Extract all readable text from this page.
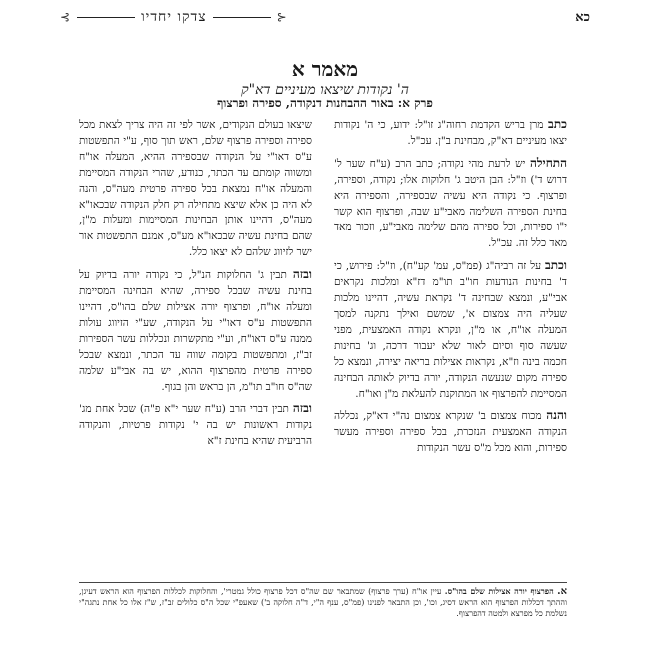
כא
⊰
צדקו יחדיו
⊱
מאמר א
ה' נקודות שיצאו מעיניים דא"ק
פרק א: באור ההבחנות דנקודה, ספירה ופרצוף

כתב מרן בריש הקדמת רחוה"ג זו"ל: ידוע, כי ה' נקודות יצאו מעיניים דא"ק, מבחינת ב"ן. עכ"ל.

התחילה יש לרעת מהי נקודה; כתב הרב (ע"ח שער ל' דרוש ד') וז"ל: הבן היטב ג' חלוקות אלו; נקודה, וספירה, ופרצוף. כי נקודה היא עשיה שבספירה, והספירה היא בחינת הספירה השלימה מאבי"ע שבה, ופרצוף הוא קשר י"ו ספירות, וכל ספירה מהם שלימה מאבי"ע, וזכור מאד מאד כלל זה. עכ"ל.

וכתב על זה רביה"ג (פמ"ס, עמ' קע"ח), וז"ל: פירוש, כי ד' בחינות הנודעות חו"ב תו"מ דז"א ומלכות נקראים אבי"ע, ונמצא שבחינה ד' נקראת עשיה, דהיינו מלכות שעליה היה צמצום א', שמשם ואילך נתקנה למסך המעלה או"ח, או מ"ן, ונקרא נקודה האמצעית, מפני שעשה סוף וסיום לאור שלא יעבור דרכה, וג' בחינות חכמה בינה וז"א, נקראות אצילות בריאה יצירה, ונמצא כל ספירה מקום שנעשה הנקודה, יורה בדיוק לאותה הבחינה המסיימת להפרצוף או המתוקנת להעלאת מ"ן ואו"ח.

והנה מכוח צמצום ב' שנקרא צמצום נה"י דא"ק, נכללה הנקודה האמצעית הנזכרת, בכל ספירה וספירה מעשר ספירות, והוא מכל מ"ס עשר הנקודות

שיצאו בעולם הנקודים, אשר לפי זה היה צריך לצאת מכל ספירה וספירה פרצוף שלם, ראש תוך סוף, ע"י התפשטות ע"ס דאו"י על הנקודה שבספירה ההיא, המעלה או"ח ומשווה קומתם עד הכתר, כנודע, שהרי הנקודה המסיימת והמעלה או"ח נמצאת בכל ספירה פרטית מעה"ס, והנה לא היה כן אלא שיצא מתחילה רק חלק הנקודה שבכאו"א מעה"ס, דהיינו אותן הבחינות המסיימות ומעלות מ"ן, שהם בחינת עשיה שבכאו"א מע"ס, אמנם התפשטות אור ישר לזיווג שלהם לא יצאו כלל.

ובזה תבין ג' החלוקות הנ"ל, כי נקודה יורה בדיוק על בחינת עשיה שבכל ספירה, שהיא הבחינה המסיימת ומעלה או"ח, ופרצוף יורה אצילות שלם בהו"ס, דהיינו התפשטות ע"ס דאו"י על הנקודה, שע"י הזיווג עולות ממנה ע"ס דאו"ח, וע"י מתקשרות ונכללות עשר הספירות זב"ז, ומתפשטות בקומה שווה עד הכתר, ונמצא שבכל ספירה פרטית מהפרצוף ההוא, יש בה אבי"ע שלמה שה"ס חו"ב תו"מ, הן בראש והן בגוף.

ובזה תבין דברי הרב (ע"ח שער י"א פ"ה) שכל אחת מג' נקודות ראשונות יש בה י' נקודות פרטיות, והנקודה הרביעית שהיא בחינת ז"א

א. הפרצוף יורה אצילות שלם בהו"ס. עיין או"ח (ערך פרצוף) שמתבאר שם שה"ס דכל פרצוף כולל גמטרי', והחלוקות לכללות הפרצוף הוא הראש דעיגן, וההתך דכללות הפרצוף הוא הראש דסיג, וכו', וכן התבאר לפנינו (פמ"ס, ענף ה"י, ד"ה חלוקה ב') שאעפ"י שכל ה"ס כלולים זב"ז, ש"ז אלו כל אחת נתגה"י נשלמת כל מפרצא ולמטה דהפרצוף.
